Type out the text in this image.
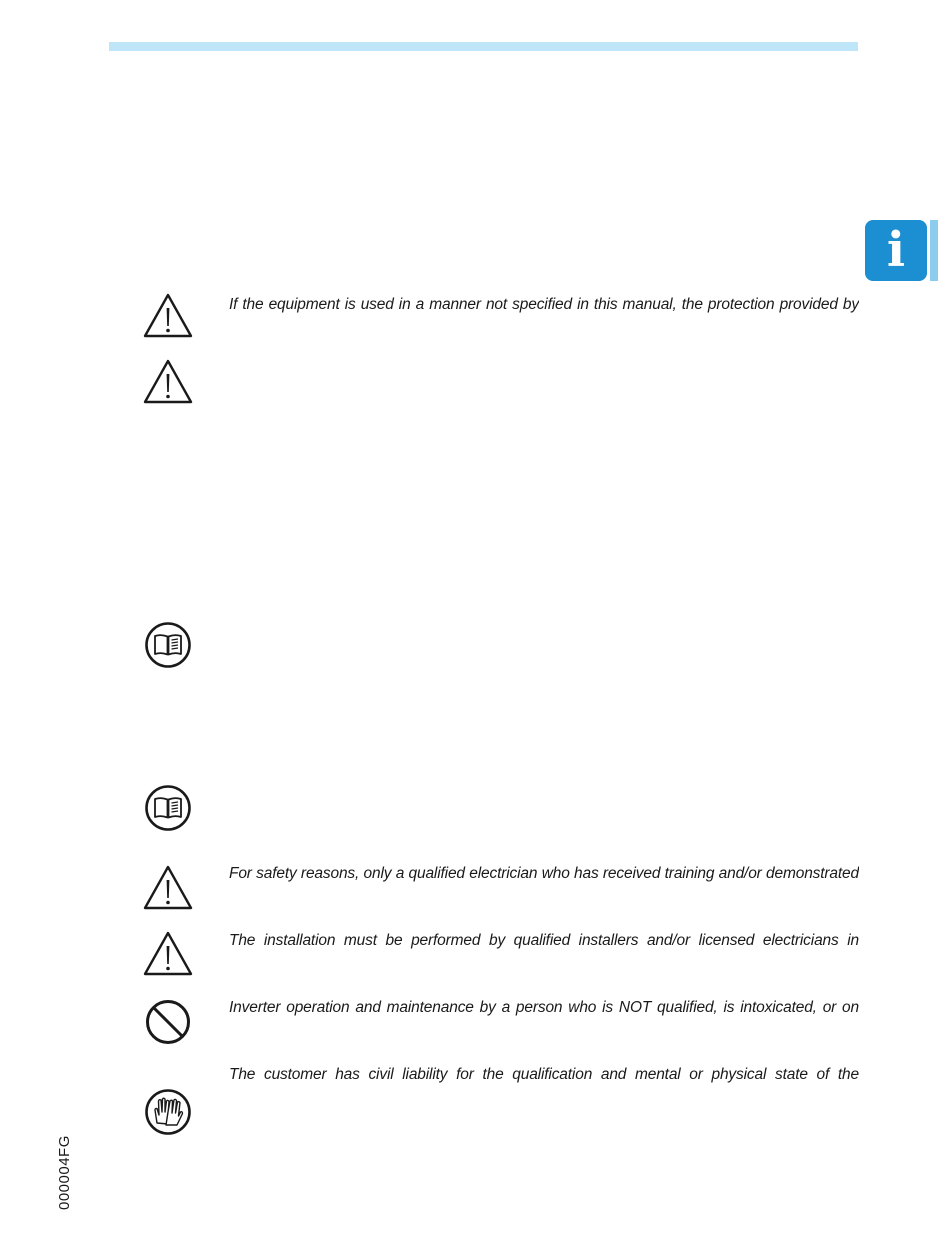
i
If the equipment is used in a manner not specified in this manual, the protection provided by
For safety reasons, only a qualified electrician who has received training and/or demonstrated
The installation must be performed by qualified installers and/or licensed electricians in
Inverter operation and maintenance by a person who is NOT qualified, is intoxicated, or on
The customer has civil liability for the qualification and mental or physical state of the
000004FG
